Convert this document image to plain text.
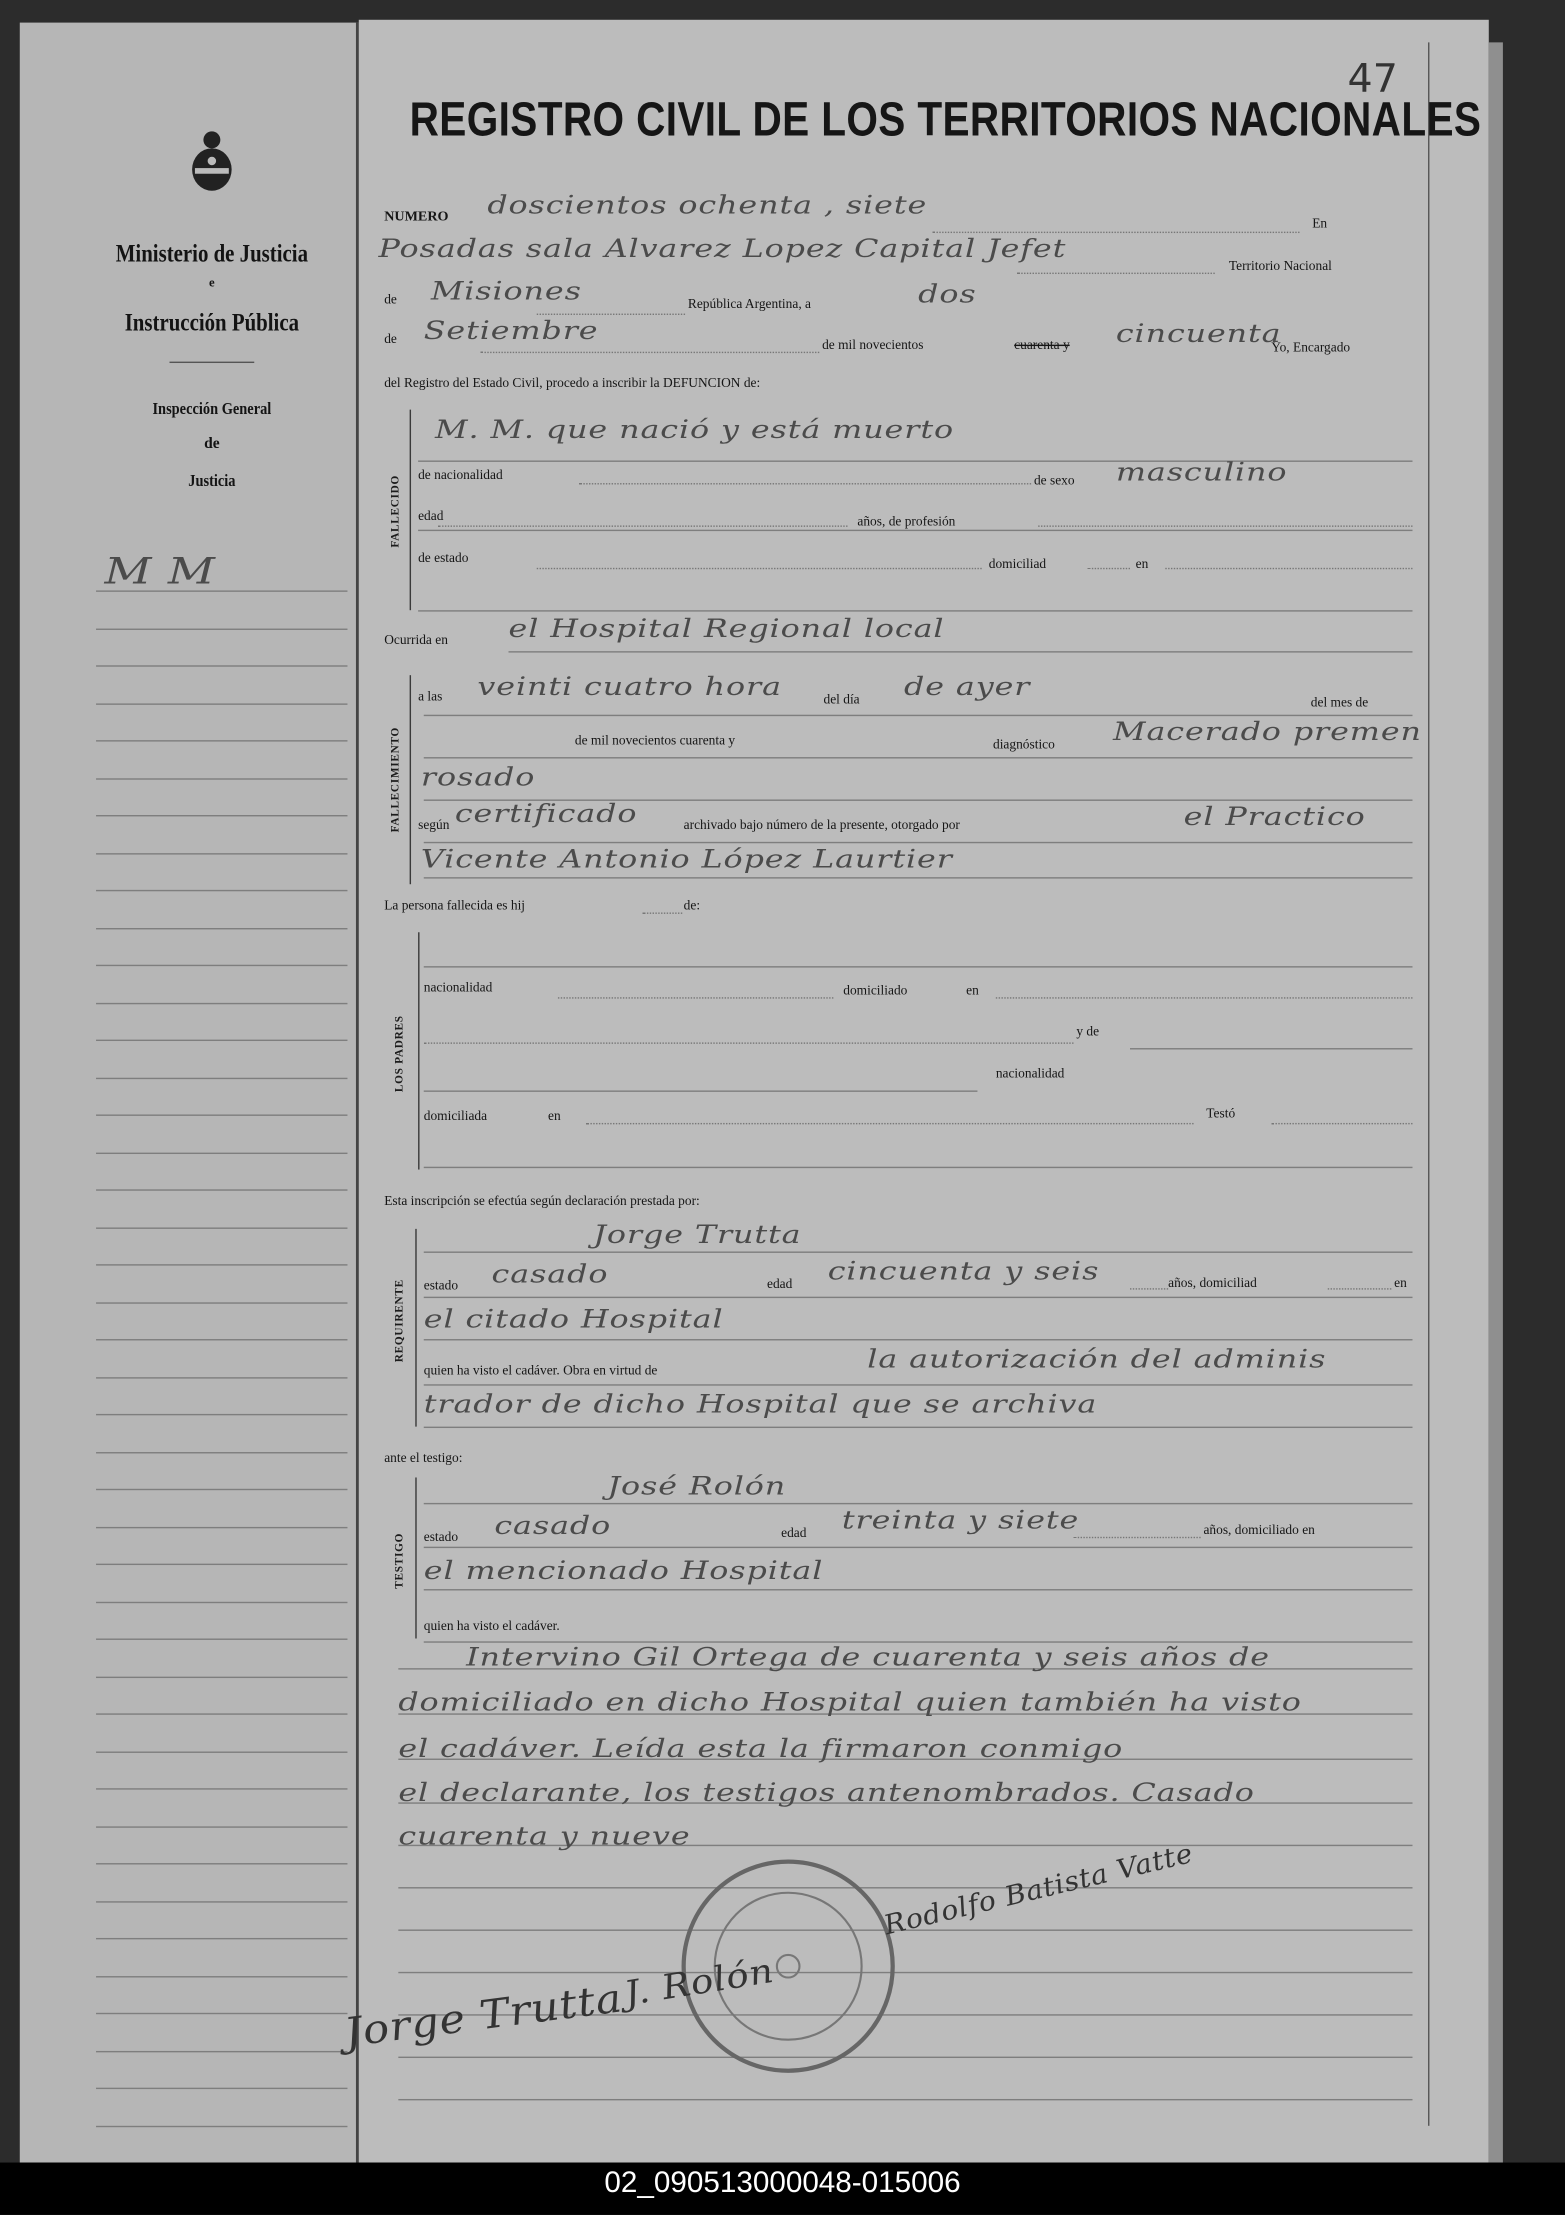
Ministerio de Justicia
e
Instrucción Pública
Inspección General
de
Justicia
M M
47
REGISTRO CIVIL DE LOS TERRITORIOS NACIONALES
NUMERO doscientos ochenta , siete
En
Posadas sala Alvarez Lopez Capital Jefet
Territorio Nacional
de Misiones	República Argentina, a	dos
de Setiembre	de mil novecientos	cuarenta y	cincuenta
Yo, Encargado
del Registro del Estado Civil, procedo a inscribir la DEFUNCION de:
FALLECIDO
M. M. que nació y está muerto
de nacionalidad	de sexo masculino
edad	años, de profesión
de estado	domiciliad	en
Ocurrida en	el Hospital Regional local
FALLECIMIENTO
a las veinti cuatro hora	del día de ayer
del mes de
de mil novecientos cuarenta y	diagnóstico	Macerado premen
rosado
según certificado	archivado bajo número de la presente, otorgado por	el Practico
Vicente Antonio López Laurtier
La persona fallecida es hij	de:
LOS PADRES
nacionalidad	domiciliado	en
y de
nacionalidad
domiciliada	en	Testó
Esta inscripción se efectúa según declaración prestada por:
REQUIRENTE
Jorge Trutta
estado casado	edad cincuenta y seis	años, domiciliad	en
el citado Hospital
quien ha visto el cadáver. Obra en virtud de	la autorización del adminis
trador de dicho Hospital que se archiva
ante el testigo:
TESTIGO
José Rolón
estado casado	edad treinta y siete	años, domiciliado en
el mencionado Hospital
quien ha visto el cadáver.
Intervino Gil Ortega de cuarenta y seis años de
domiciliado en dicho Hospital quien también ha visto
el cadáver. Leída esta la firmaron conmigo
el declarante, los testigos antenombrados. Casado
cuarenta y nueve
Jorge Trutta
J. Rolón
Rodolfo Batista Vatte
02_090513000048-015006
